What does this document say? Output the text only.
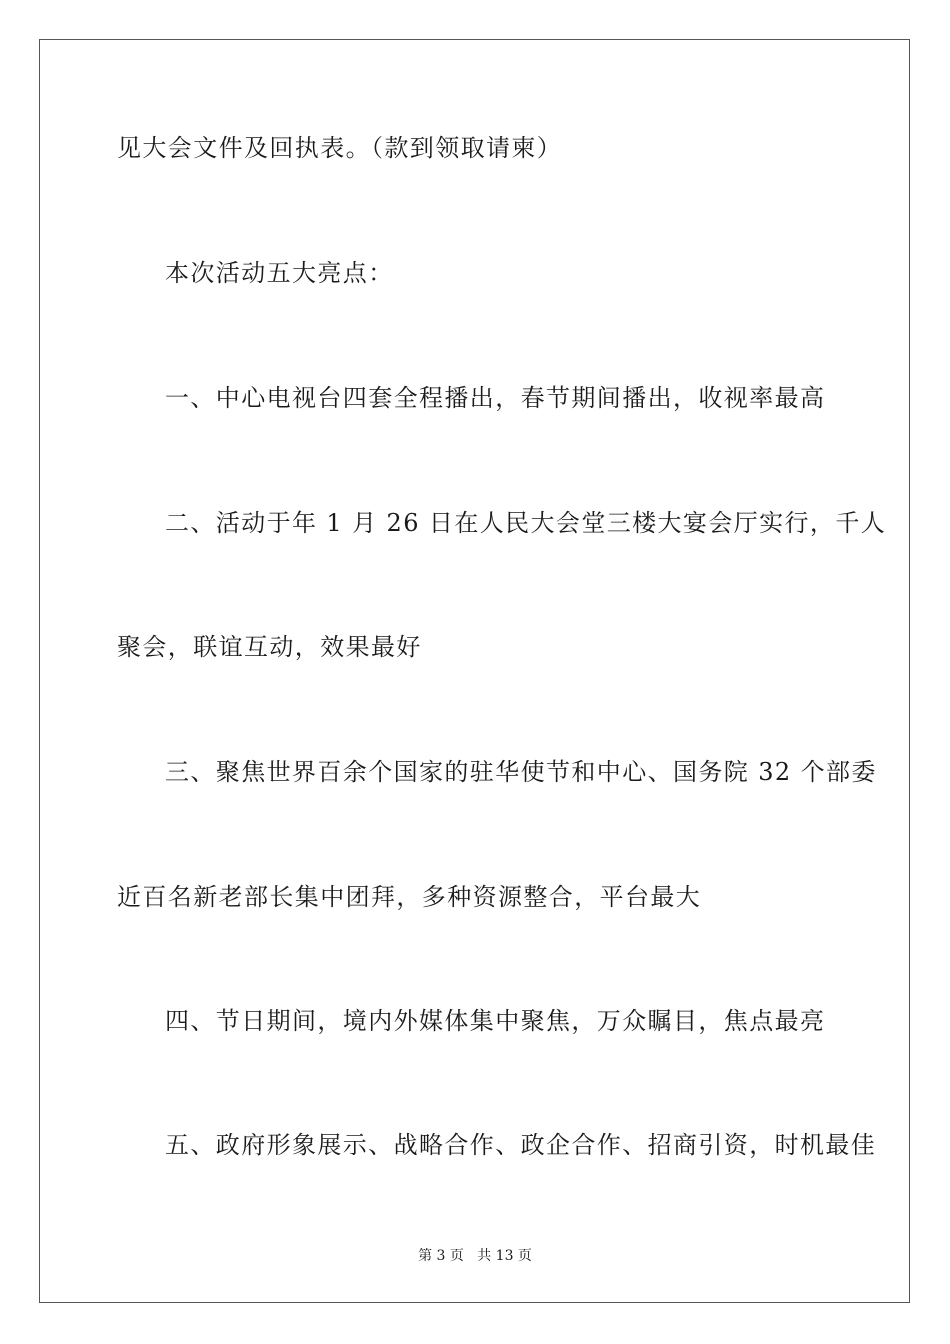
见大会文件及回执表。（款到领取请柬）

本次活动五大亮点：

一、中心电视台四套全程播出，春节期间播出，收视率最高

二、活动于年 1 月 26 日在人民大会堂三楼大宴会厅实行，千人

聚会，联谊互动，效果最好

三、聚焦世界百余个国家的驻华使节和中心、国务院 32 个部委

近百名新老部长集中团拜，多种资源整合，平台最大

四、节日期间，境内外媒体集中聚焦，万众瞩目，焦点最亮

五、政府形象展示、战略合作、政企合作、招商引资，时机最佳

第 3 页   共 13 页
